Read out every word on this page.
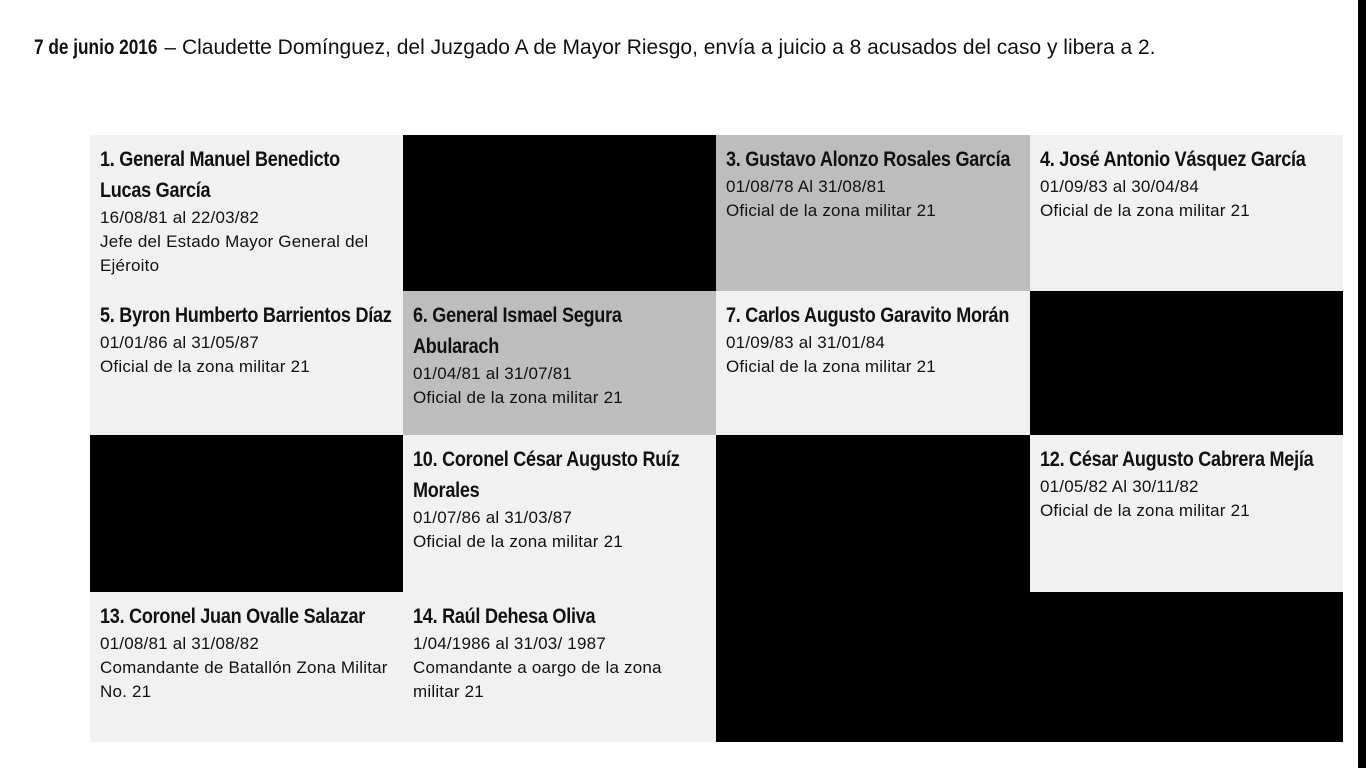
7 de junio 2016 – Claudette Domínguez, del Juzgado A de Mayor Riesgo, envía a juicio a 8 acusados del caso y libera a 2.
1. General Manuel Benedicto Lucas García
16/08/81 al 22/03/82
Jefe del Estado Mayor General del Ejéroito
3. Gustavo Alonzo Rosales García
01/08/78 Al 31/08/81
Oficial de la zona militar 21
4. José Antonio Vásquez García
01/09/83 al 30/04/84
Oficial de la zona militar 21
5. Byron Humberto Barrientos Díaz
01/01/86 al 31/05/87
Oficial de la zona militar 21
6. General Ismael Segura Abularach
01/04/81 al 31/07/81
Oficial de la zona militar 21
7. Carlos Augusto Garavito Morán
01/09/83 al 31/01/84
Oficial de la zona militar 21
10. Coronel César Augusto Ruíz Morales
01/07/86 al 31/03/87
Oficial de la zona militar 21
12. César Augusto Cabrera Mejía
01/05/82 Al 30/11/82
Oficial de la zona militar 21
13. Coronel Juan Ovalle Salazar
01/08/81 al 31/08/82
Comandante de Batallón Zona Militar No. 21
14. Raúl Dehesa Oliva
1/04/1986 al 31/03/ 1987
Comandante a oargo de la zona militar 21
